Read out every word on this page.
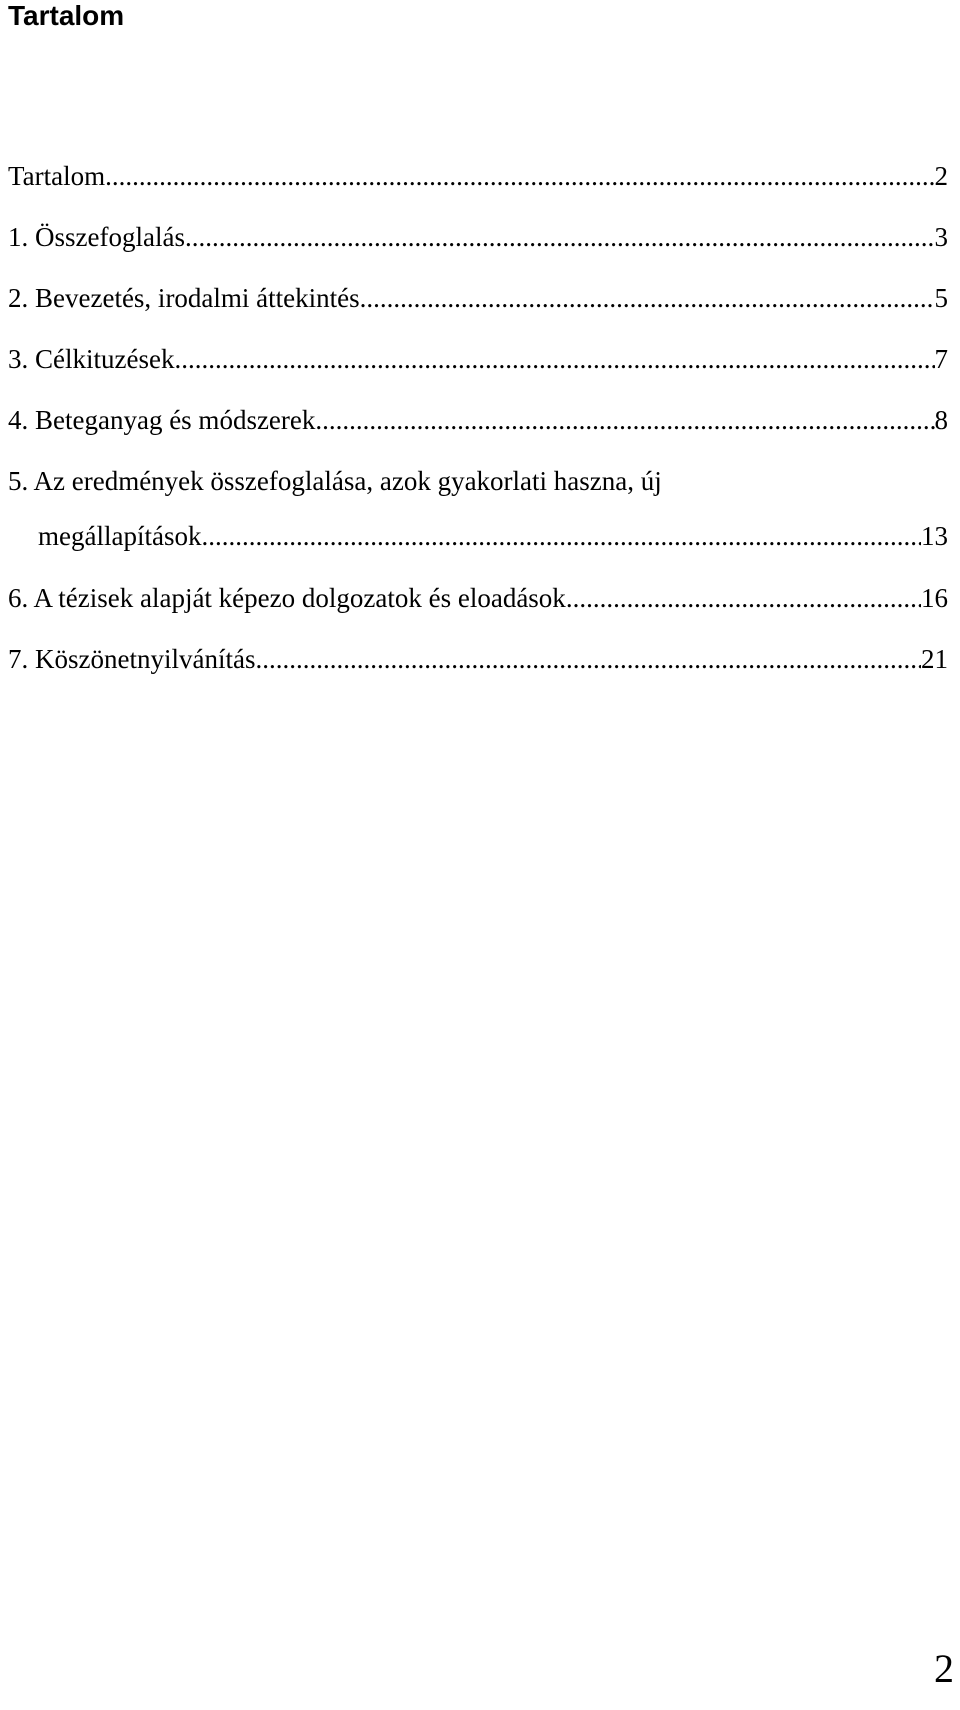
Tartalom
Tartalom .....	2
1. Összefoglalás .....	3
2. Bevezetés, irodalmi áttekintés .....	5
3. Célkituzések .....	7
4. Beteganyag és módszerek .....	8
5. Az eredmények összefoglalása, azok gyakorlati haszna, új
megállapítások. .....	13
6. A tézisek alapját képezo dolgozatok és eloadások .....	16
7. Köszönetnyilvánítás .....	21
2
